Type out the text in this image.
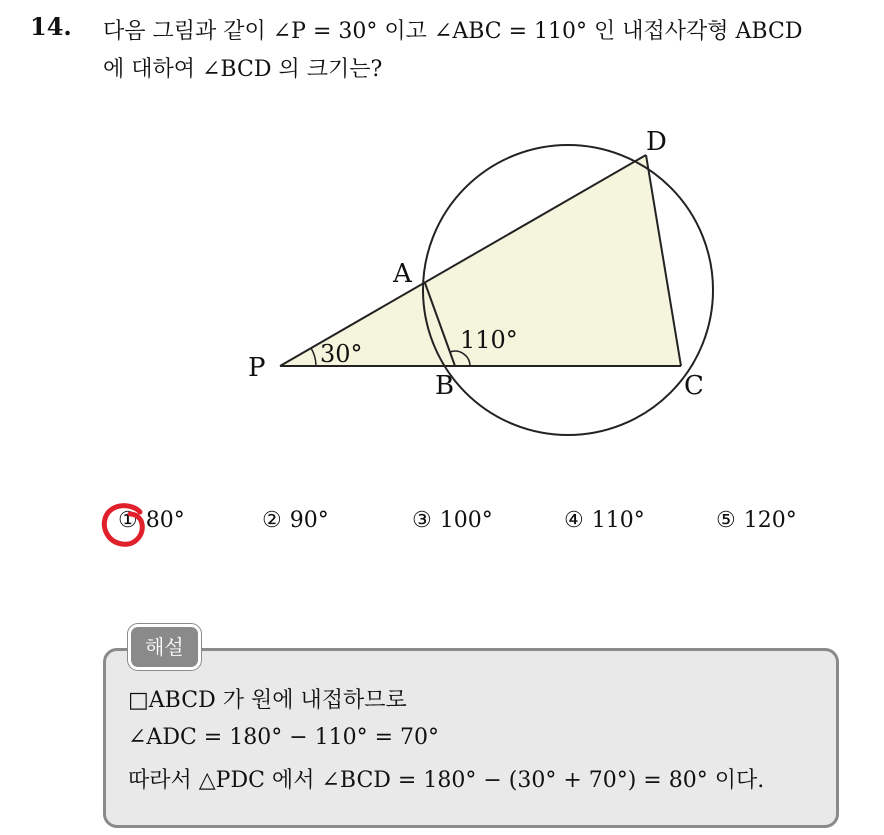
14. 다음 그림과 같이 ∠P = 30° 이고 ∠ABC = 110° 인 내접사각형 ABCD
에 대하여 ∠BCD 의 크기는?
P
A
B	C
D
30°	110°
① 80°	② 90°	③ 100°	④ 110°	⑤ 120°
해설
□ABCD 가 원에 내접하므로
∠ADC = 180° − 110° = 70°
따라서 △PDC 에서 ∠BCD = 180° − (30° + 70°) = 80° 이다.
